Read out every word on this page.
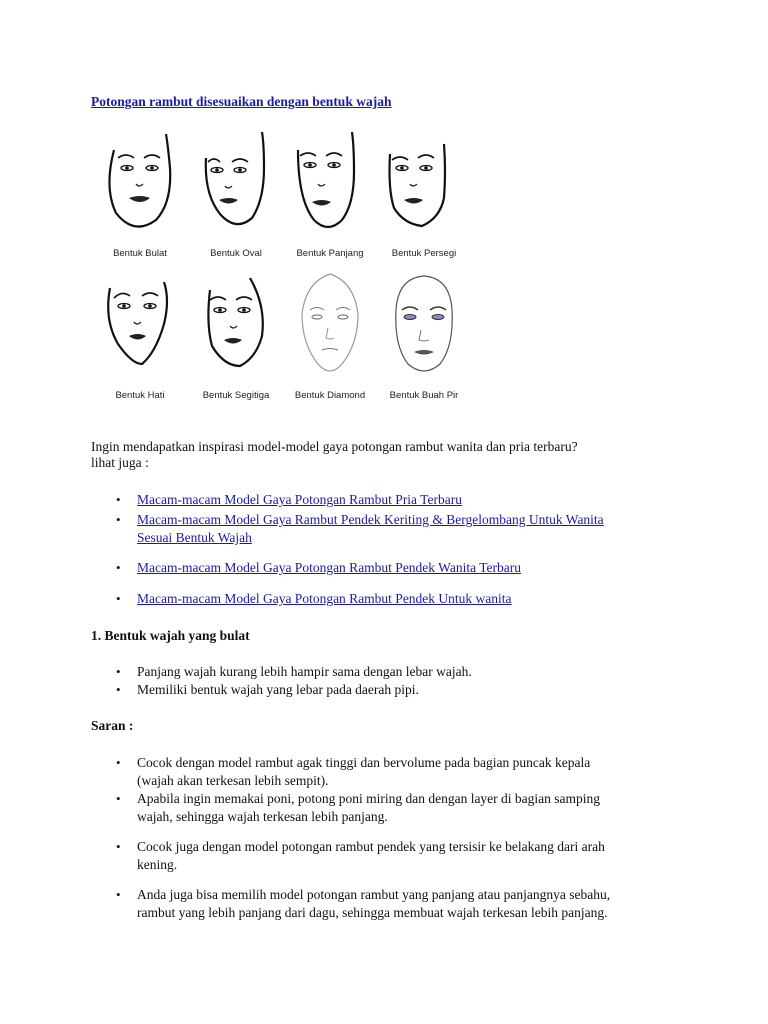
Potongan rambut disesuaikan dengan bentuk wajah
Bentuk Bulat	Bentuk Oval	Bentuk Panjang	Bentuk Persegi
Bentuk Hati	Bentuk Segitiga	Bentuk Diamond	Bentuk Buah Pir
Ingin mendapatkan inspirasi model-model gaya potongan rambut wanita dan pria terbaru?
lihat juga :
• Macam-macam Model Gaya Potongan Rambut Pria Terbaru
• Macam-macam Model Gaya Rambut Pendek Keriting & Bergelombang Untuk Wanita
Sesuai Bentuk Wajah
• Macam-macam Model Gaya Potongan Rambut Pendek Wanita Terbaru
• Macam-macam Model Gaya Potongan Rambut Pendek Untuk wanita
1. Bentuk wajah yang bulat
• Panjang wajah kurang lebih hampir sama dengan lebar wajah.
• Memiliki bentuk wajah yang lebar pada daerah pipi.
Saran :
• Cocok dengan model rambut agak tinggi dan bervolume pada bagian puncak kepala
(wajah akan terkesan lebih sempit).
• Apabila ingin memakai poni, potong poni miring dan dengan layer di bagian samping
wajah, sehingga wajah terkesan lebih panjang.
• Cocok juga dengan model potongan rambut pendek yang tersisir ke belakang dari arah
kening.
• Anda juga bisa memilih model potongan rambut yang panjang atau panjangnya sebahu,
rambut yang lebih panjang dari dagu, sehingga membuat wajah terkesan lebih panjang.
